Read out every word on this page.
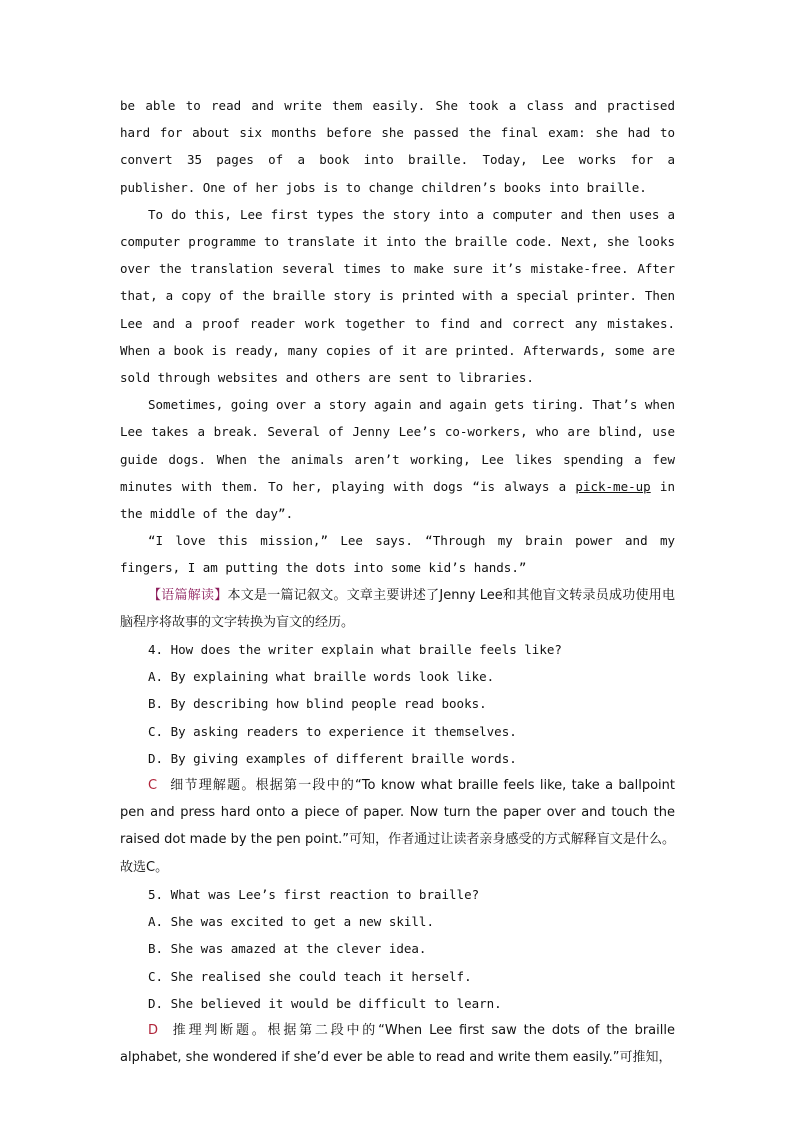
be able to read and write them easily. She took a class and practised hard for about six months before she passed the final exam: she had to convert 35 pages of a book into braille. Today, Lee works for a publisher. One of her jobs is to change children’s books into braille.

To do this, Lee first types the story into a computer and then uses a computer programme to translate it into the braille code. Next, she looks over the translation several times to make sure it’s mistake-free. After that, a copy of the braille story is printed with a special printer. Then Lee and a proof reader work together to find and correct any mistakes. When a book is ready, many copies of it are printed. Afterwards, some are sold through websites and others are sent to libraries.

Sometimes, going over a story again and again gets tiring. That’s when Lee takes a break. Several of Jenny Lee’s co-workers, who are blind, use guide dogs. When the animals aren’t working, Lee likes spending a few minutes with them. To her, playing with dogs “is always a pick-me-up in the middle of the day”.

“I love this mission,” Lee says. “Through my brain power and my fingers, I am putting the dots into some kid’s hands.”

【语篇解读】本文是一篇记叙文。文章主要讲述了Jenny Lee和其他盲文转录员成功使用电脑程序将故事的文字转换为盲文的经历。

4. How does the writer explain what braille feels like?

A. By explaining what braille words look like.

B. By describing how blind people read books.

C. By asking readers to experience it themselves.

D. By giving examples of different braille words.

C 细节理解题。根据第一段中的“To know what braille feels like, take a ballpoint pen and press hard onto a piece of paper. Now turn the paper over and touch the raised dot made by the pen point.”可知，作者通过让读者亲身感受的方式解释盲文是什么。故选C。

5. What was Lee’s first reaction to braille?

A. She was excited to get a new skill.

B. She was amazed at the clever idea.

C. She realised she could teach it herself.

D. She believed it would be difficult to learn.

D 推理判断题。根据第二段中的“When Lee first saw the dots of the braille alphabet, she wondered if she’d ever be able to read and write them easily.”可推知，
